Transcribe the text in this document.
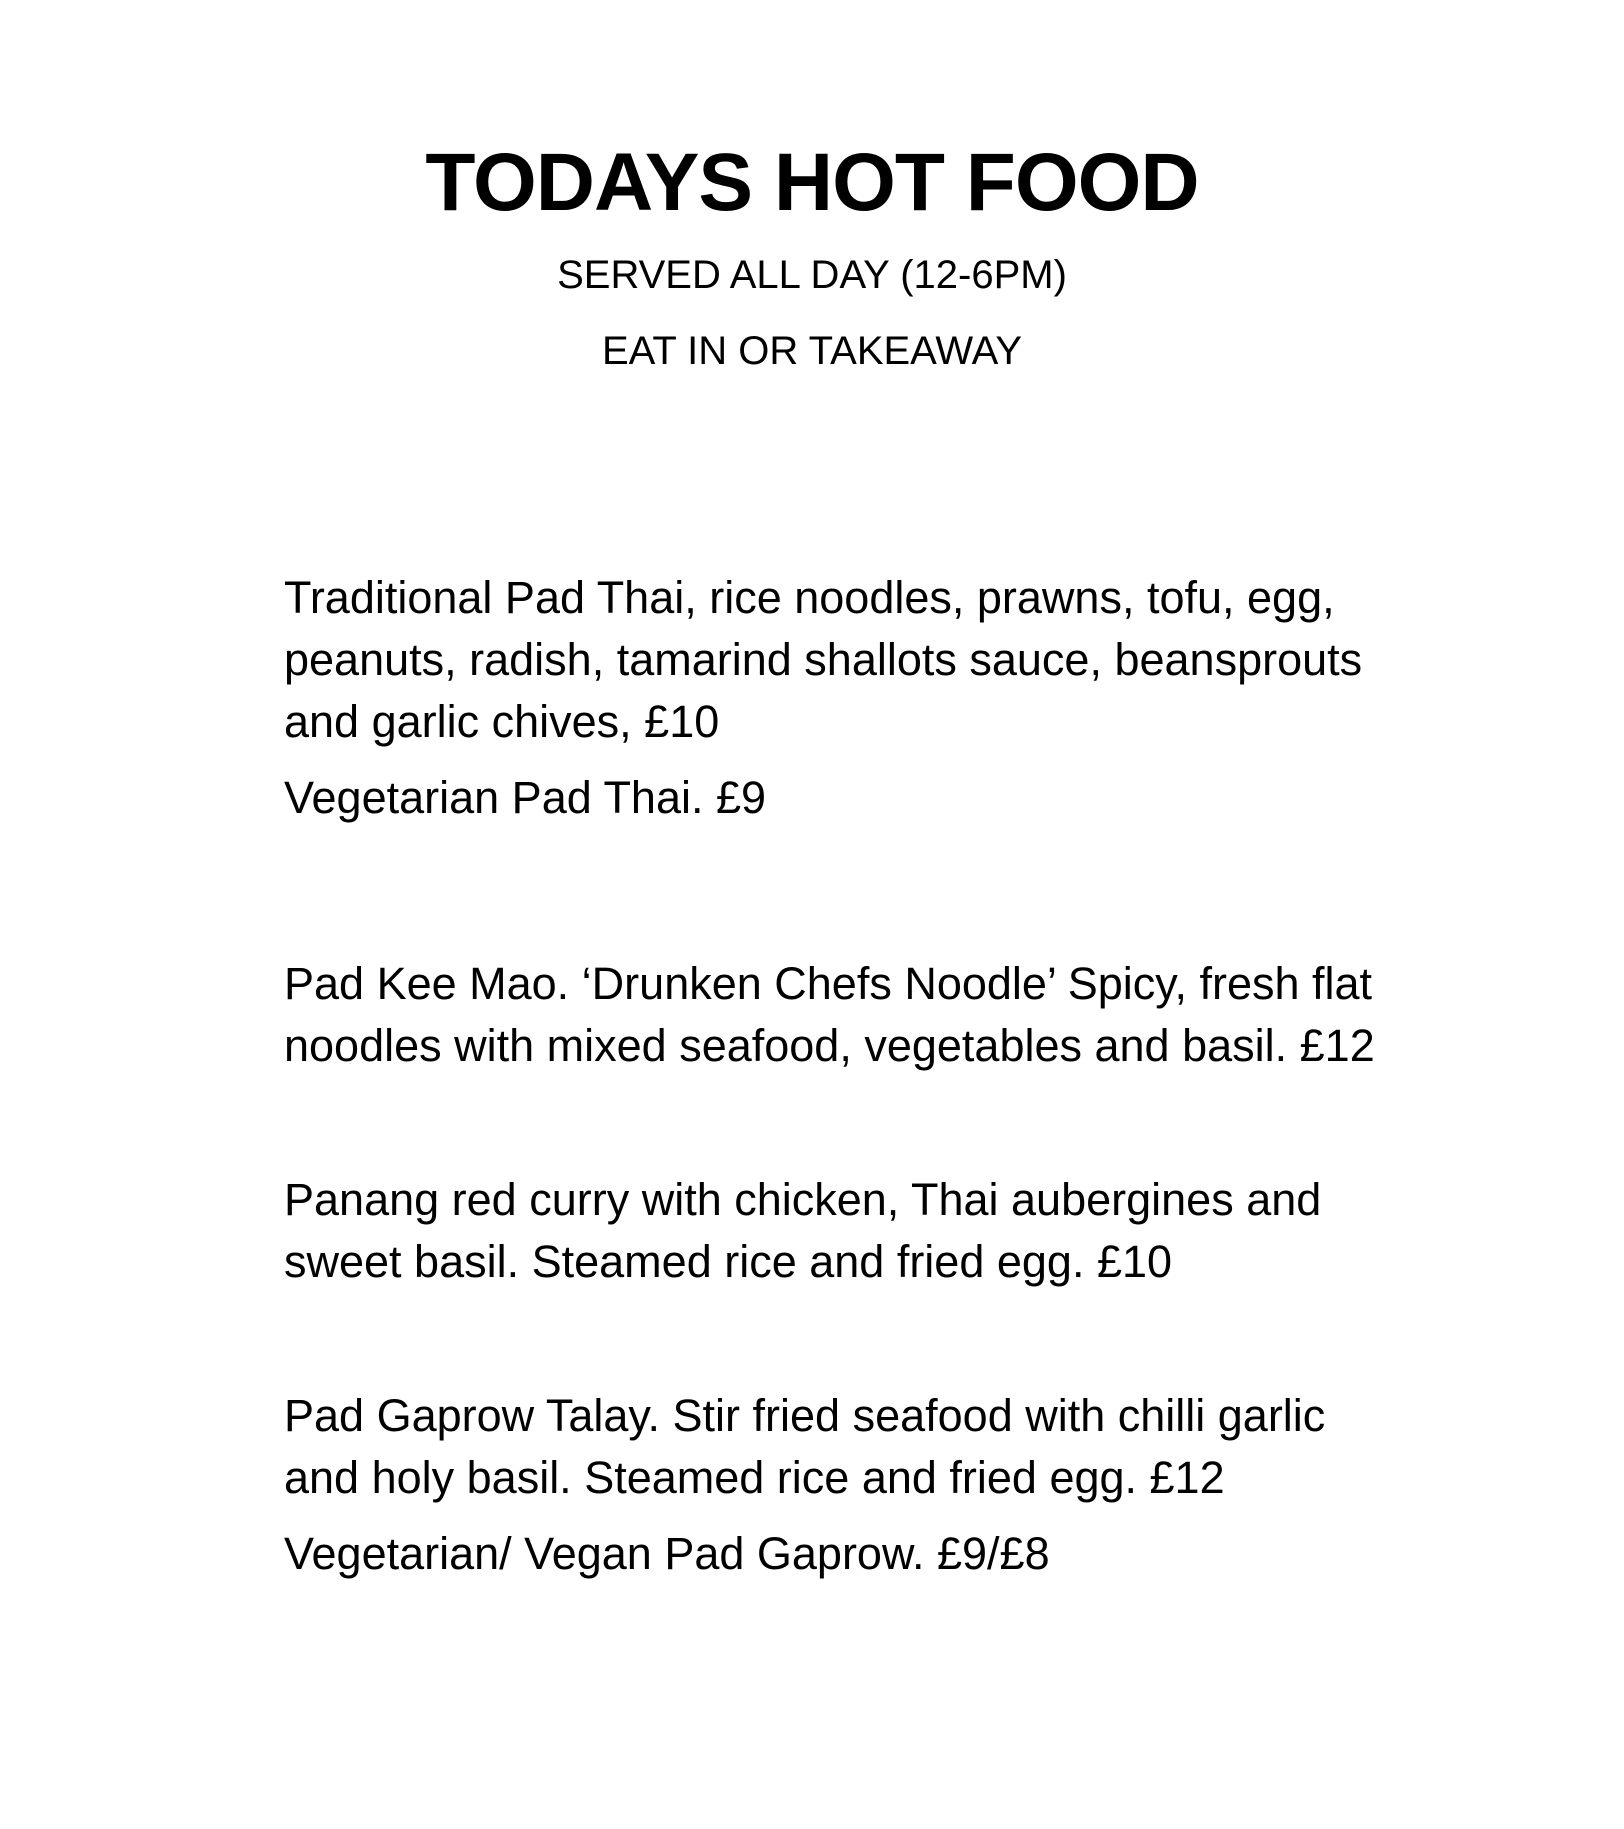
TODAYS HOT FOOD

SERVED ALL DAY (12-6PM)

EAT IN OR TAKEAWAY

Traditional Pad Thai, rice noodles, prawns, tofu, egg, peanuts, radish, tamarind shallots sauce, beansprouts and garlic chives, £10

Vegetarian Pad Thai. £9

Pad Kee Mao. ‘Drunken Chefs Noodle’ Spicy, fresh flat noodles with mixed seafood, vegetables and basil. £12

Panang red curry with chicken, Thai aubergines and sweet basil. Steamed rice and fried egg. £10

Pad Gaprow Talay. Stir fried seafood with chilli garlic and holy basil. Steamed rice and fried egg. £12

Vegetarian/ Vegan Pad Gaprow. £9/£8
